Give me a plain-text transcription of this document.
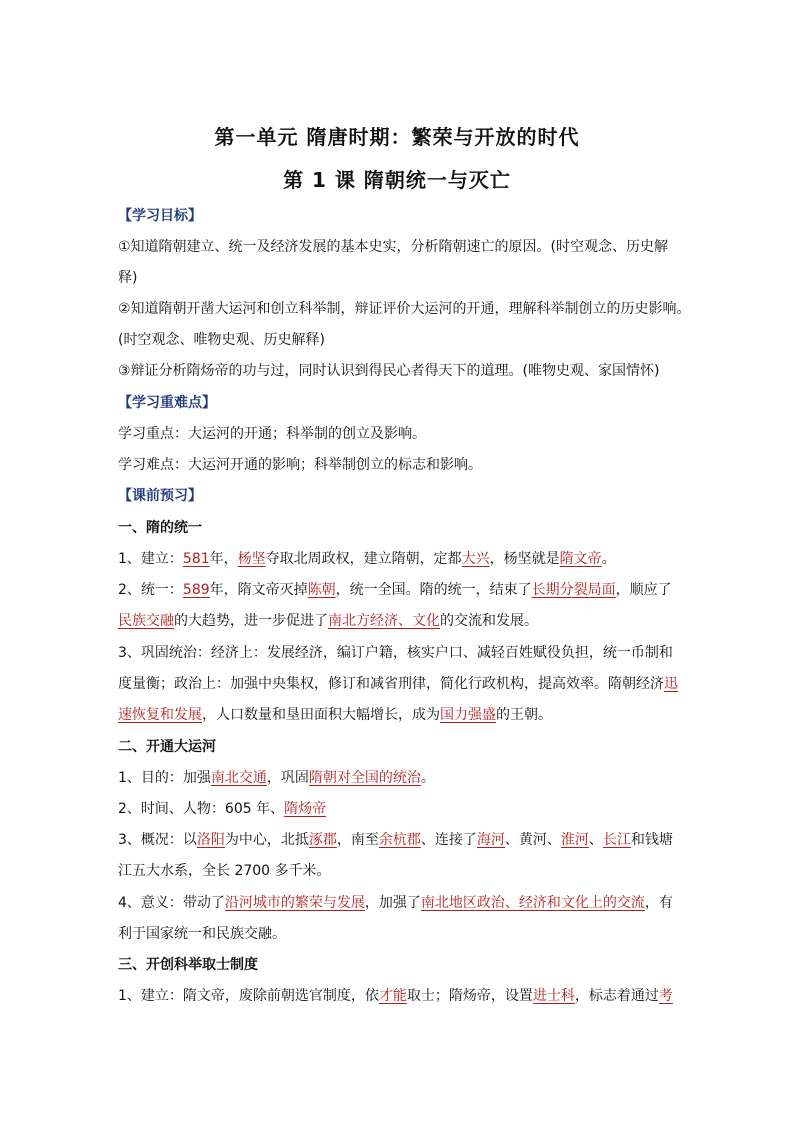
第一单元 隋唐时期：繁荣与开放的时代
第 1 课 隋朝统一与灭亡
【学习目标】
①知道隋朝建立、统一及经济发展的基本史实，分析隋朝速亡的原因。(时空观念、历史解
释)
②知道隋朝开凿大运河和创立科举制，辩证评价大运河的开通，理解科举制创立的历史影响。
(时空观念、唯物史观、历史解释)
③辩证分析隋炀帝的功与过，同时认识到得民心者得天下的道理。(唯物史观、家国情怀)
【学习重难点】
学习重点：大运河的开通；科举制的创立及影响。
学习难点：大运河开通的影响；科举制创立的标志和影响。
【课前预习】
一、隋的统一
1、建立：581年，杨坚夺取北周政权，建立隋朝，定都大兴，杨坚就是隋文帝。
2、统一：589年，隋文帝灭掉陈朝，统一全国。隋的统一，结束了长期分裂局面，顺应了
民族交融的大趋势，进一步促进了南北方经济、文化的交流和发展。
3、巩固统治：经济上：发展经济，编订户籍，核实户口、减轻百姓赋役负担，统一币制和
度量衡；政治上：加强中央集权，修订和减省刑律，简化行政机构，提高效率。隋朝经济迅
速恢复和发展，人口数量和垦田面积大幅增长，成为国力强盛的王朝。
二、开通大运河
1、目的：加强南北交通，巩固隋朝对全国的统治。
2、时间、人物：605 年、隋炀帝
3、概况：以洛阳为中心，北抵涿郡，南至余杭郡、连接了海河、黄河、淮河、长江和钱塘
江五大水系，全长 2700 多千米。
4、意义：带动了沿河城市的繁荣与发展，加强了南北地区政治、经济和文化上的交流，有
利于国家统一和民族交融。
三、开创科举取士制度
1、建立：隋文帝，废除前朝选官制度，依才能取士；隋炀帝，设置进士科，标志着通过考
